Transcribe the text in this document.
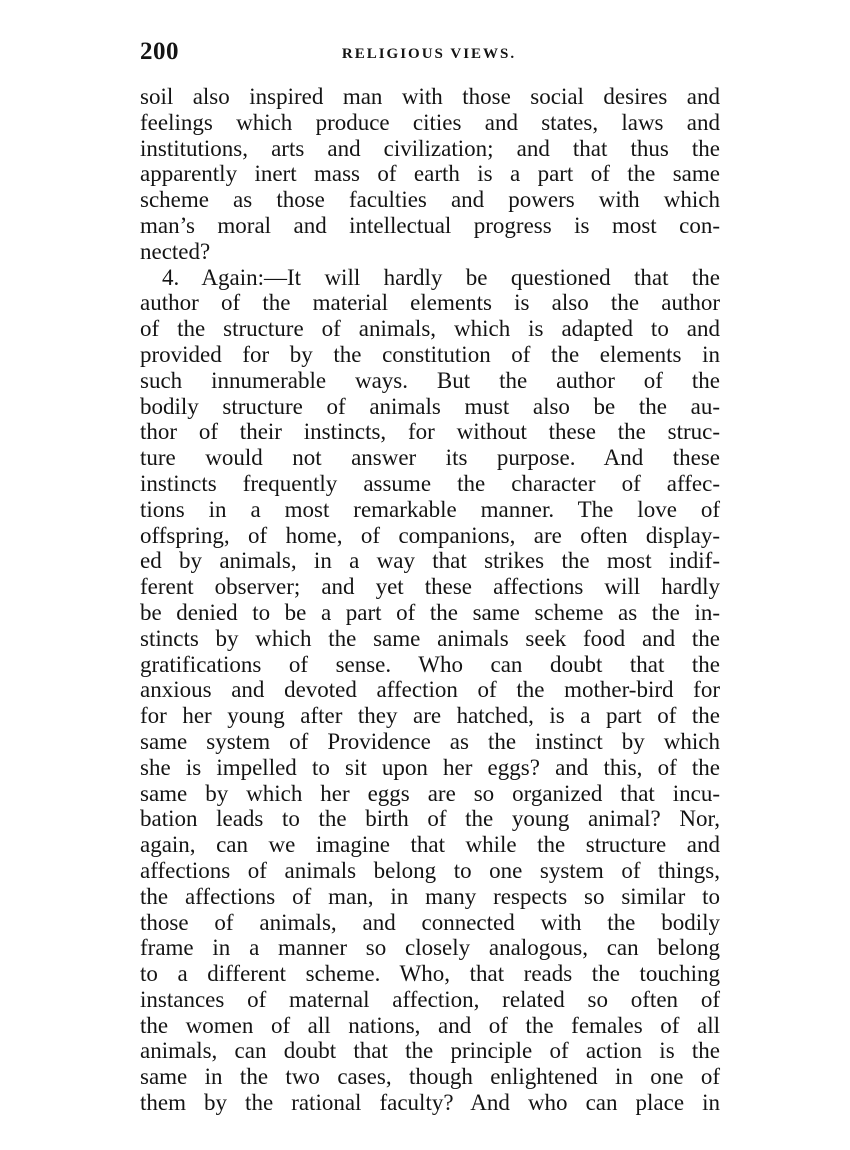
200	RELIGIOUS VIEWS.
soil also inspired man with those social desires and
feelings which produce cities and states, laws and
institutions, arts and civilization; and that thus the
apparently inert mass of earth is a part of the same
scheme as those faculties and powers with which
man’s moral and intellectual progress is most con-
nected?
4. Again:—It will hardly be questioned that the
author of the material elements is also the author
of the structure of animals, which is adapted to and
provided for by the constitution of the elements in
such innumerable ways. But the author of the
bodily structure of animals must also be the au-
thor of their instincts, for without these the struc-
ture would not answer its purpose. And these
instincts frequently assume the character of affec-
tions in a most remarkable manner. The love of
offspring, of home, of companions, are often display-
ed by animals, in a way that strikes the most indif-
ferent observer; and yet these affections will hardly
be denied to be a part of the same scheme as the in-
stincts by which the same animals seek food and the
gratifications of sense. Who can doubt that the
anxious and devoted affection of the mother-bird for
for her young after they are hatched, is a part of the
same system of Providence as the instinct by which
she is impelled to sit upon her eggs? and this, of the
same by which her eggs are so organized that incu-
bation leads to the birth of the young animal? Nor,
again, can we imagine that while the structure and
affections of animals belong to one system of things,
the affections of man, in many respects so similar to
those of animals, and connected with the bodily
frame in a manner so closely analogous, can belong
to a different scheme. Who, that reads the touching
instances of maternal affection, related so often of
the women of all nations, and of the females of all
animals, can doubt that the principle of action is the
same in the two cases, though enlightened in one of
them by the rational faculty? And who can place in
